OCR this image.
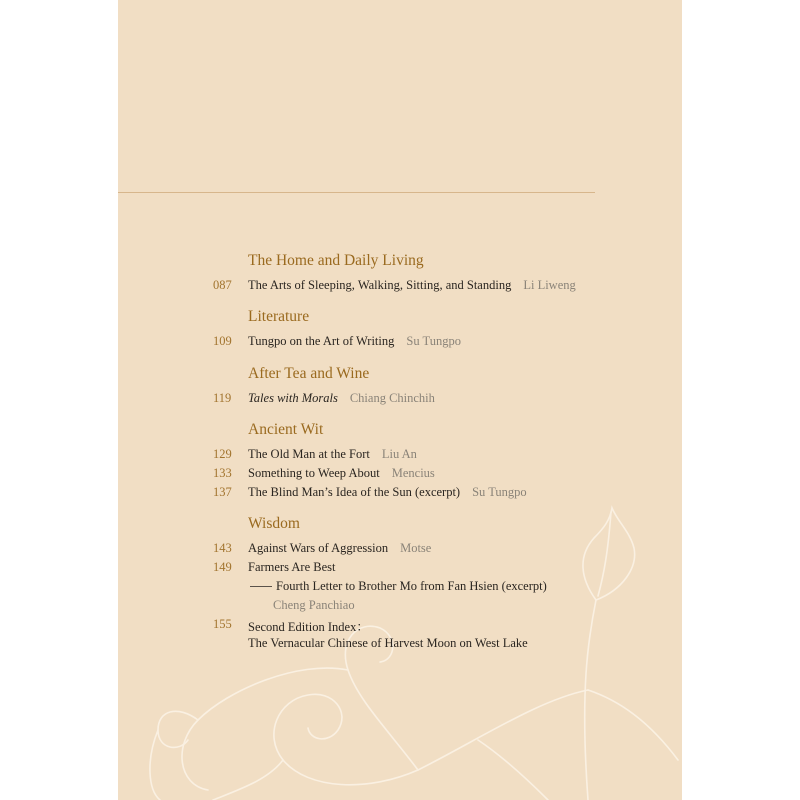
The Home and Daily Living
087 The Arts of Sleeping, Walking, Sitting, and Standing Li Liweng
Literature
109 Tungpo on the Art of Writing Su Tungpo
After Tea and Wine
119 Tales with Morals Chiang Chinchih
Ancient Wit
129 The Old Man at the Fort Liu An
133 Something to Weep About Mencius
137 The Blind Man’s Idea of the Sun (excerpt) Su Tungpo
Wisdom
143 Against Wars of Aggression Motse
149 Farmers Are Best
Fourth Letter to Brother Mo from Fan Hsien (excerpt)
Cheng Panchiao
155 Second Edition Index：
The Vernacular Chinese of Harvest Moon on West Lake
